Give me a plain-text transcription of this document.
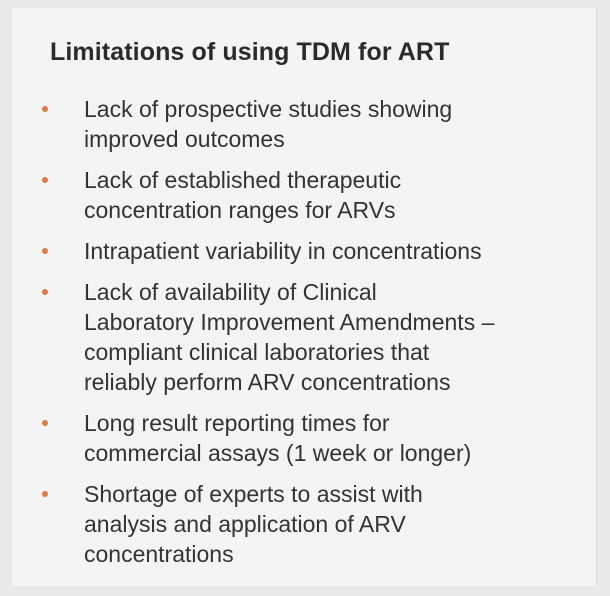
Limitations of using TDM for ART
Lack of prospective studies showing
improved outcomes
Lack of established therapeutic
concentration ranges for ARVs
Intrapatient variability in concentrations
Lack of availability of Clinical
Laboratory Improvement Amendments –
compliant clinical laboratories that
reliably perform ARV concentrations
Long result reporting times for
commercial assays (1 week or longer)
Shortage of experts to assist with
analysis and application of ARV
concentrations
